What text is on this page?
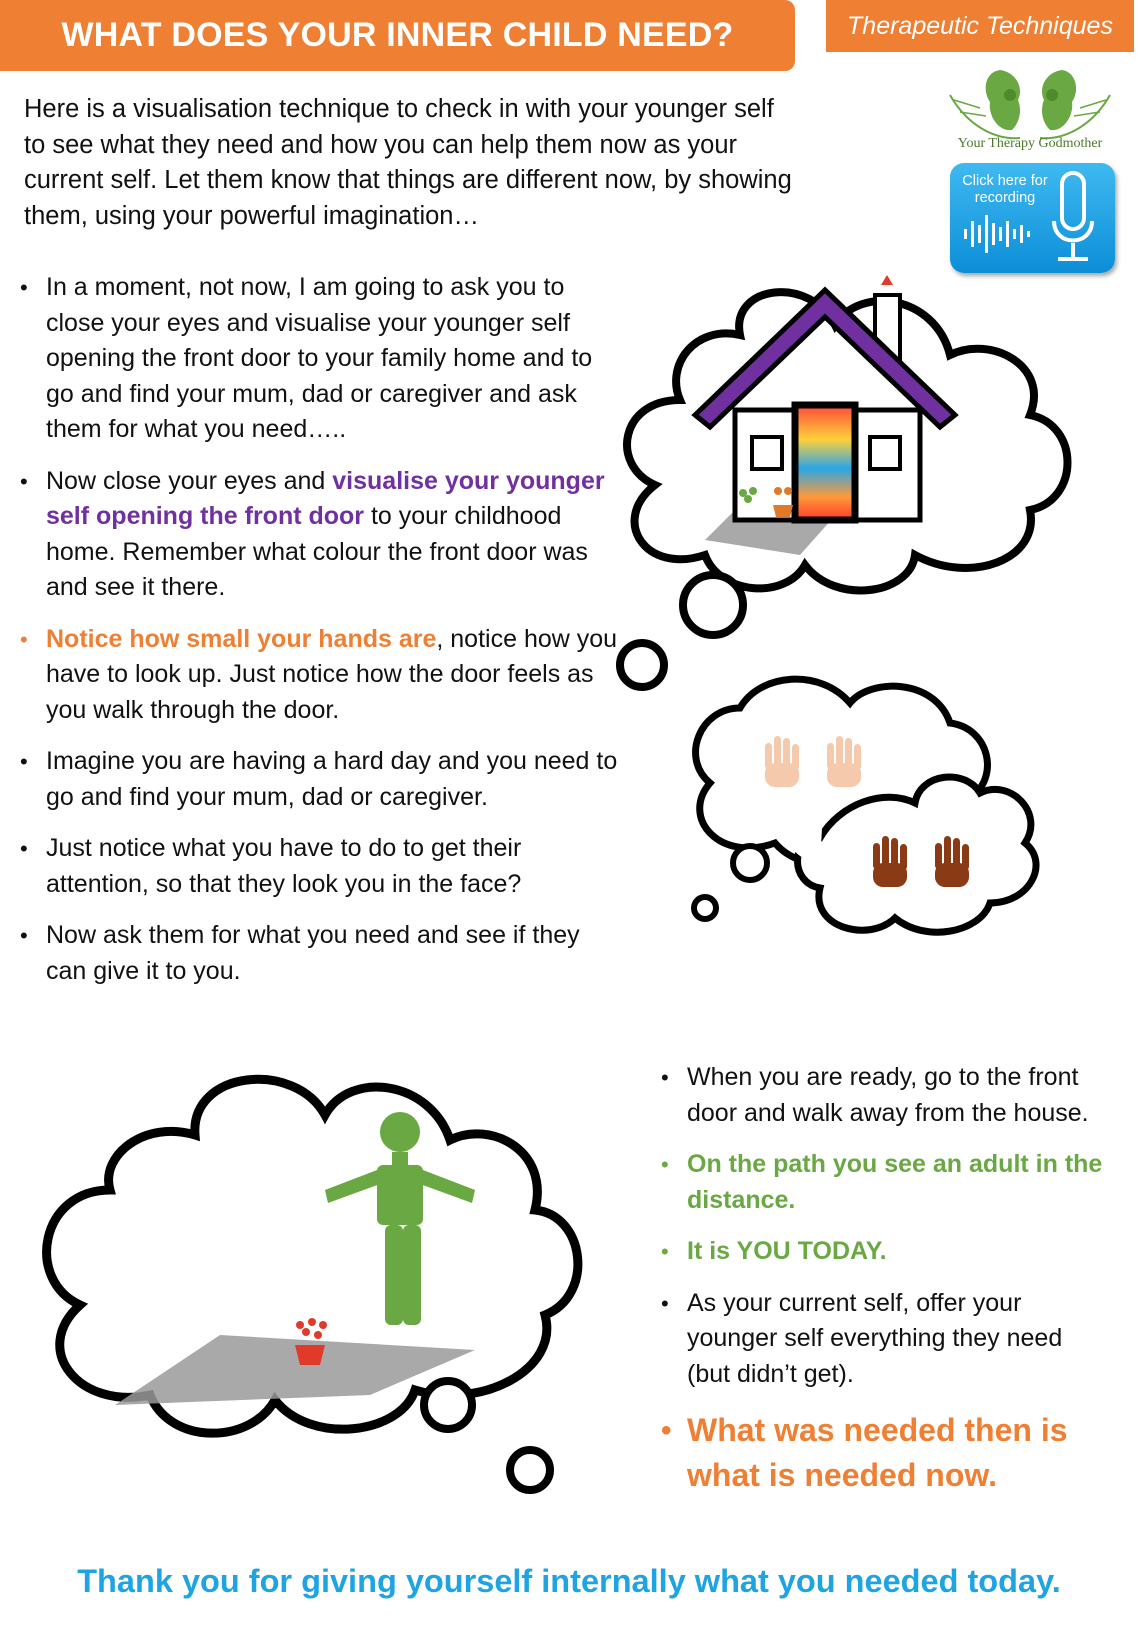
WHAT DOES YOUR INNER CHILD NEED?	Therapeutic Techniques
Your Therapy Godmother
Click here for recording
Here is a visualisation technique to check in with your younger self to see what they need and how you can help them now as your current self. Let them know that things are different now, by showing them, using your powerful imagination…
• In a moment, not now, I am going to ask you to close your eyes and visualise your younger self opening the front door to your family home and to go and find your mum, dad or caregiver and ask them for what you need…..
• Now close your eyes and visualise your younger self opening the front door to your childhood home. Remember what colour the front door was and see it there.
• Notice how small your hands are, notice how you have to look up. Just notice how the door feels as you walk through the door.
• Imagine you are having a hard day and you need to go and find your mum, dad or caregiver.
• Just notice what you have to do to get their attention, so that they look you in the face?
• Now ask them for what you need and see if they can give it to you.
• When you are ready, go to the front door and walk away from the house.
• On the path you see an adult in the distance.
• It is YOU TODAY.
• As your current self, offer your younger self everything they need (but didn’t get).
• What was needed then is what is needed now.
Thank you for giving yourself internally what you needed today.
